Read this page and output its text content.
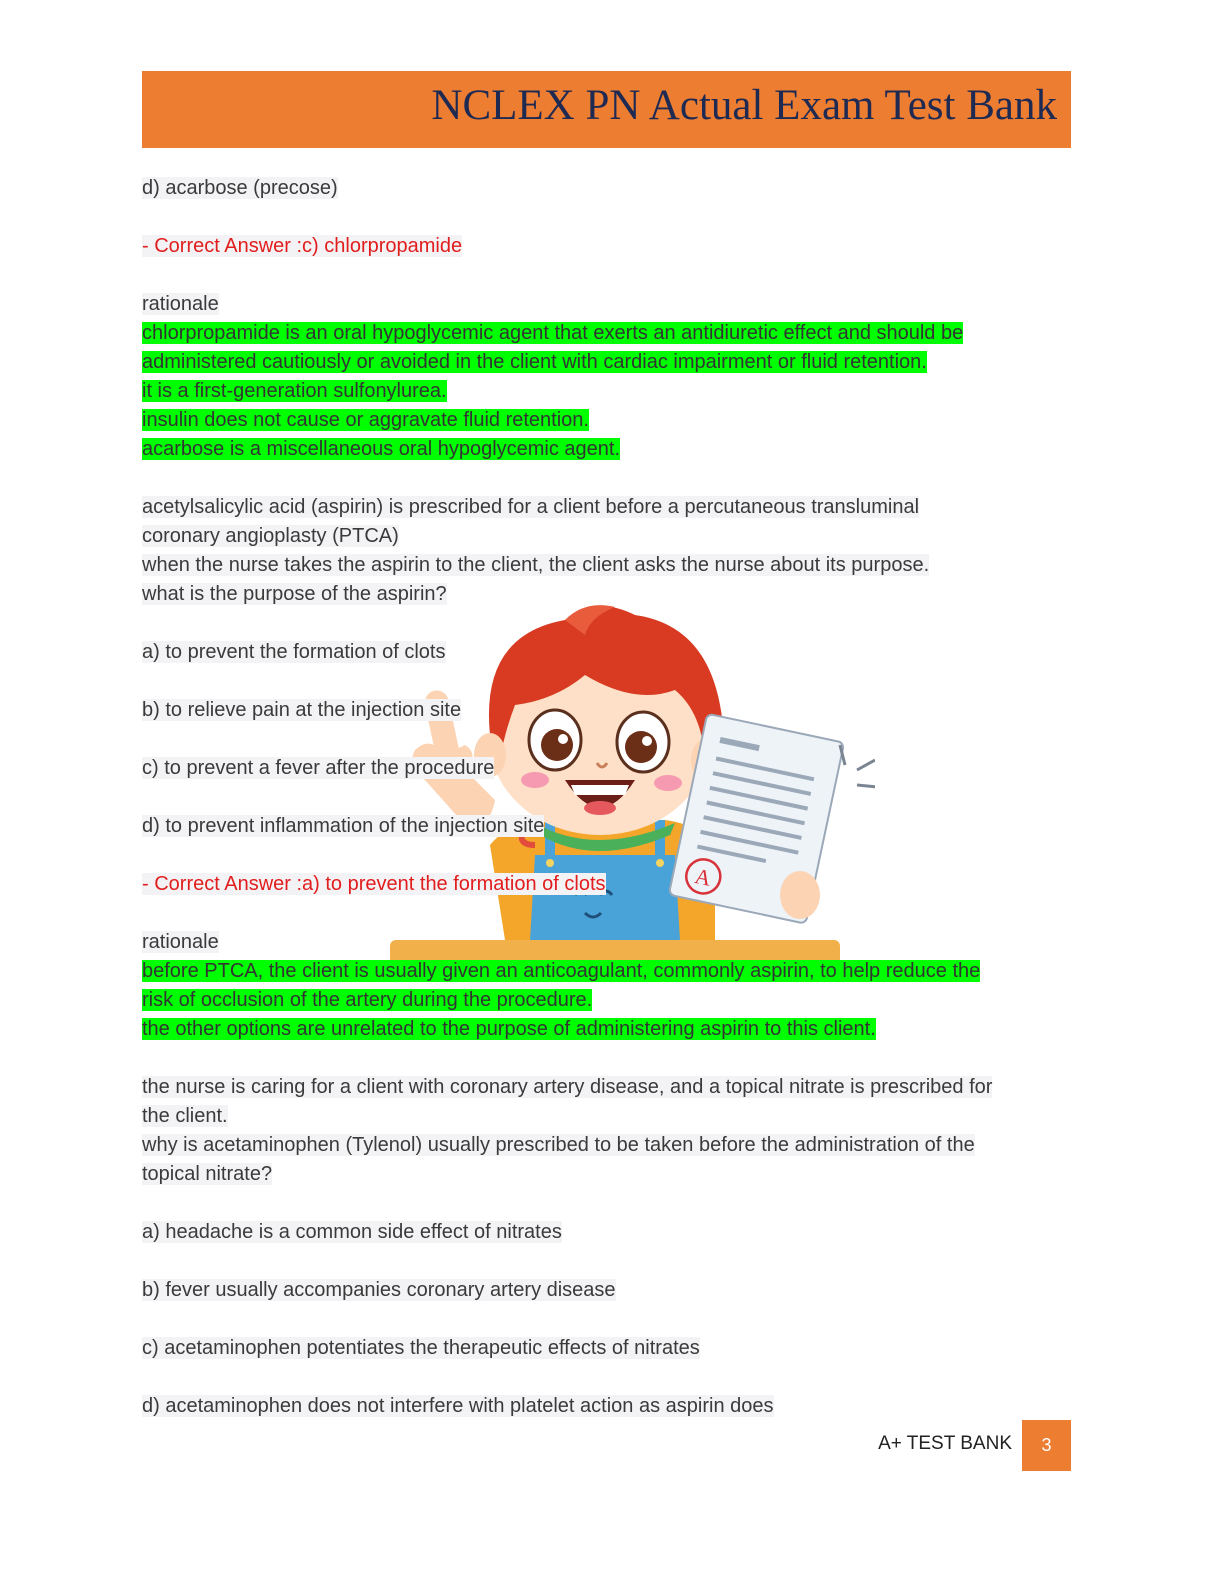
NCLEX PN Actual Exam Test Bank
A
d) acarbose (precose)
- Correct Answer :c) chlorpropamide
rationale
chlorpropamide is an oral hypoglycemic agent that exerts an antidiuretic effect and should be
administered cautiously or avoided in the client with cardiac impairment or fluid retention.
it is a first-generation sulfonylurea.
insulin does not cause or aggravate fluid retention.
acarbose is a miscellaneous oral hypoglycemic agent.
acetylsalicylic acid (aspirin) is prescribed for a client before a percutaneous transluminal
coronary angioplasty (PTCA)
when the nurse takes the aspirin to the client, the client asks the nurse about its purpose.
what is the purpose of the aspirin?
a) to prevent the formation of clots
b) to relieve pain at the injection site
c) to prevent a fever after the procedure
d) to prevent inflammation of the injection site
- Correct Answer :a) to prevent the formation of clots
rationale
before PTCA, the client is usually given an anticoagulant, commonly aspirin, to help reduce the
risk of occlusion of the artery during the procedure.
the other options are unrelated to the purpose of administering aspirin to this client.
the nurse is caring for a client with coronary artery disease, and a topical nitrate is prescribed for
the client.
why is acetaminophen (Tylenol) usually prescribed to be taken before the administration of the
topical nitrate?
a) headache is a common side effect of nitrates
b) fever usually accompanies coronary artery disease
c) acetaminophen potentiates the therapeutic effects of nitrates
d) acetaminophen does not interfere with platelet action as aspirin does
A+ TEST BANK	3
